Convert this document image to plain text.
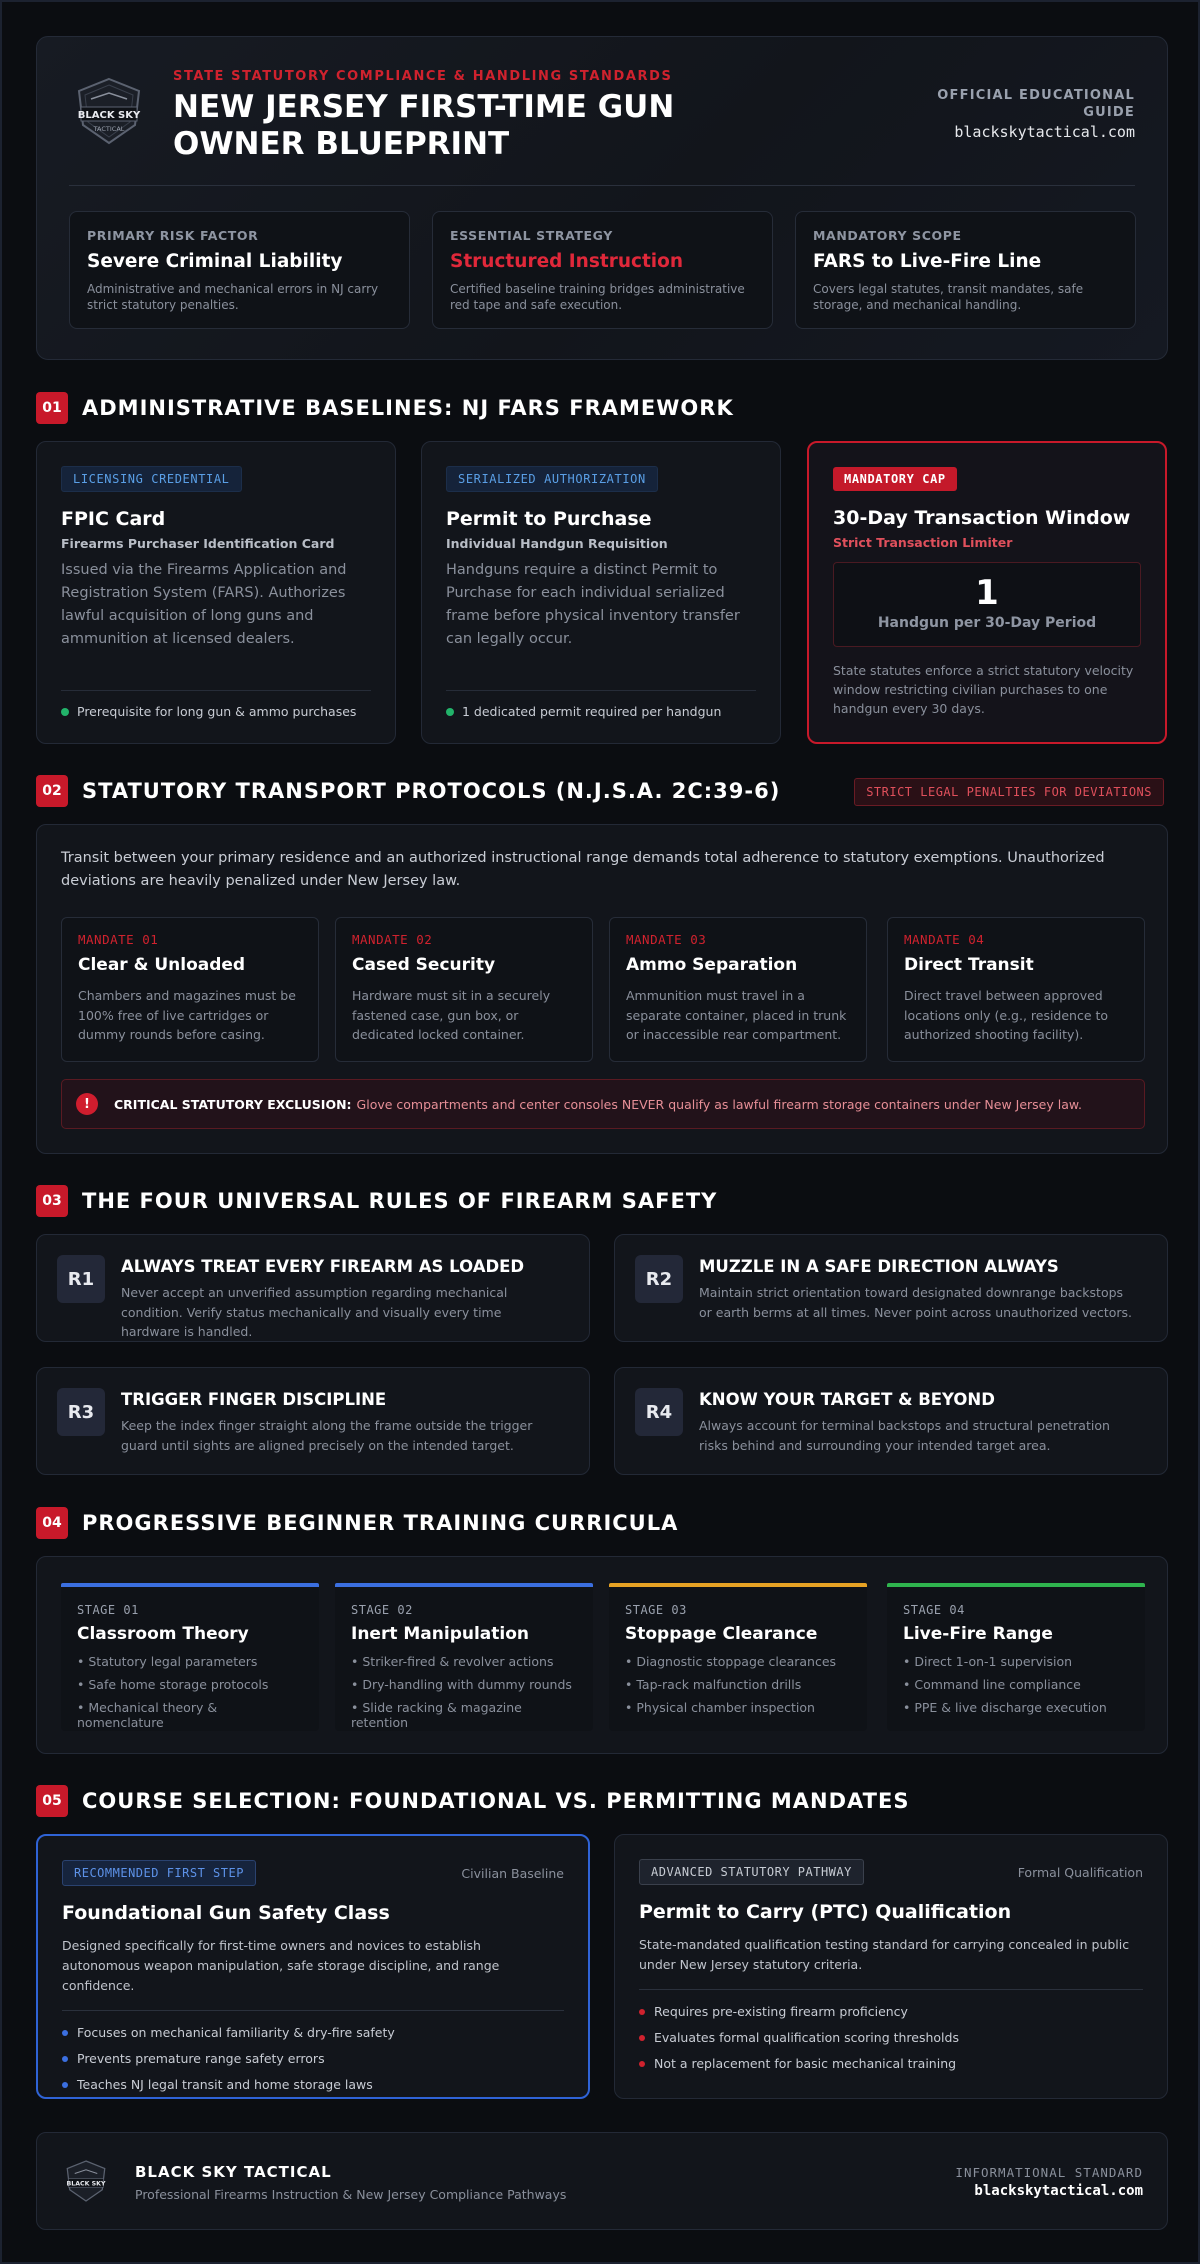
BLACK SKY
TACTICAL
STATE STATUTORY COMPLIANCE & HANDLING STANDARDS
NEW JERSEY FIRST-TIME GUN OWNER BLUEPRINT
OFFICIAL EDUCATIONAL GUIDE
blackskytactical.com
PRIMARY RISK FACTOR
Severe Criminal Liability
Administrative and mechanical errors in NJ carry strict statutory penalties.
ESSENTIAL STRATEGY
Structured Instruction
Certified baseline training bridges administrative red tape and safe execution.
MANDATORY SCOPE
FARS to Live-Fire Line
Covers legal statutes, transit mandates, safe storage, and mechanical handling.
01 ADMINISTRATIVE BASELINES: NJ FARS FRAMEWORK
LICENSING CREDENTIAL
FPIC Card
Firearms Purchaser Identification Card
Issued via the Firearms Application and Registration System (FARS). Authorizes lawful acquisition of long guns and ammunition at licensed dealers.
Prerequisite for long gun & ammo purchases
SERIALIZED AUTHORIZATION
Permit to Purchase
Individual Handgun Requisition
Handguns require a distinct Permit to Purchase for each individual serialized frame before physical inventory transfer can legally occur.
1 dedicated permit required per handgun
MANDATORY CAP
30-Day Transaction Window
Strict Transaction Limiter
1
Handgun per 30-Day Period
State statutes enforce a strict statutory velocity window restricting civilian purchases to one handgun every 30 days.
02 STATUTORY TRANSPORT PROTOCOLS (N.J.S.A. 2C:39-6)	STRICT LEGAL PENALTIES FOR DEVIATIONS
Transit between your primary residence and an authorized instructional range demands total adherence to statutory exemptions. Unauthorized deviations are heavily penalized under New Jersey law.
MANDATE 01
Clear & Unloaded
Chambers and magazines must be 100% free of live cartridges or dummy rounds before casing.
MANDATE 02
Cased Security
Hardware must sit in a securely fastened case, gun box, or dedicated locked container.
MANDATE 03
Ammo Separation
Ammunition must travel in a separate container, placed in trunk or inaccessible rear compartment.
MANDATE 04
Direct Transit
Direct travel between approved locations only (e.g., residence to authorized shooting facility).
!	CRITICAL STATUTORY EXCLUSION: Glove compartments and center consoles NEVER qualify as lawful firearm storage containers under New Jersey law.
03 THE FOUR UNIVERSAL RULES OF FIREARM SAFETY
R1
ALWAYS TREAT EVERY FIREARM AS LOADED
Never accept an unverified assumption regarding mechanical condition. Verify status mechanically and visually every time hardware is handled.
R2
MUZZLE IN A SAFE DIRECTION ALWAYS
Maintain strict orientation toward designated downrange backstops or earth berms at all times. Never point across unauthorized vectors.
R3
TRIGGER FINGER DISCIPLINE
Keep the index finger straight along the frame outside the trigger guard until sights are aligned precisely on the intended target.
R4
KNOW YOUR TARGET & BEYOND
Always account for terminal backstops and structural penetration risks behind and surrounding your intended target area.
04 PROGRESSIVE BEGINNER TRAINING CURRICULA
STAGE 01
Classroom Theory
• Statutory legal parameters
• Safe home storage protocols
• Mechanical theory & nomenclature
STAGE 02
Inert Manipulation
• Striker-fired & revolver actions
• Dry-handling with dummy rounds
• Slide racking & magazine retention
STAGE 03
Stoppage Clearance
• Diagnostic stoppage clearances
• Tap-rack malfunction drills
• Physical chamber inspection
STAGE 04
Live-Fire Range
• Direct 1-on-1 supervision
• Command line compliance
• PPE & live discharge execution
05 COURSE SELECTION: FOUNDATIONAL VS. PERMITTING MANDATES
RECOMMENDED FIRST STEP	Civilian Baseline
Foundational Gun Safety Class
Designed specifically for first-time owners and novices to establish autonomous weapon manipulation, safe storage discipline, and range confidence.
Focuses on mechanical familiarity & dry-fire safety
Prevents premature range safety errors
Teaches NJ legal transit and home storage laws
ADVANCED STATUTORY PATHWAY	Formal Qualification
Permit to Carry (PTC) Qualification
State-mandated qualification testing standard for carrying concealed in public under New Jersey statutory criteria.
Requires pre-existing firearm proficiency
Evaluates formal qualification scoring thresholds
Not a replacement for basic mechanical training
BLACK SKY
BLACK SKY TACTICAL
Professional Firearms Instruction & New Jersey Compliance Pathways
INFORMATIONAL STANDARD
blackskytactical.com
